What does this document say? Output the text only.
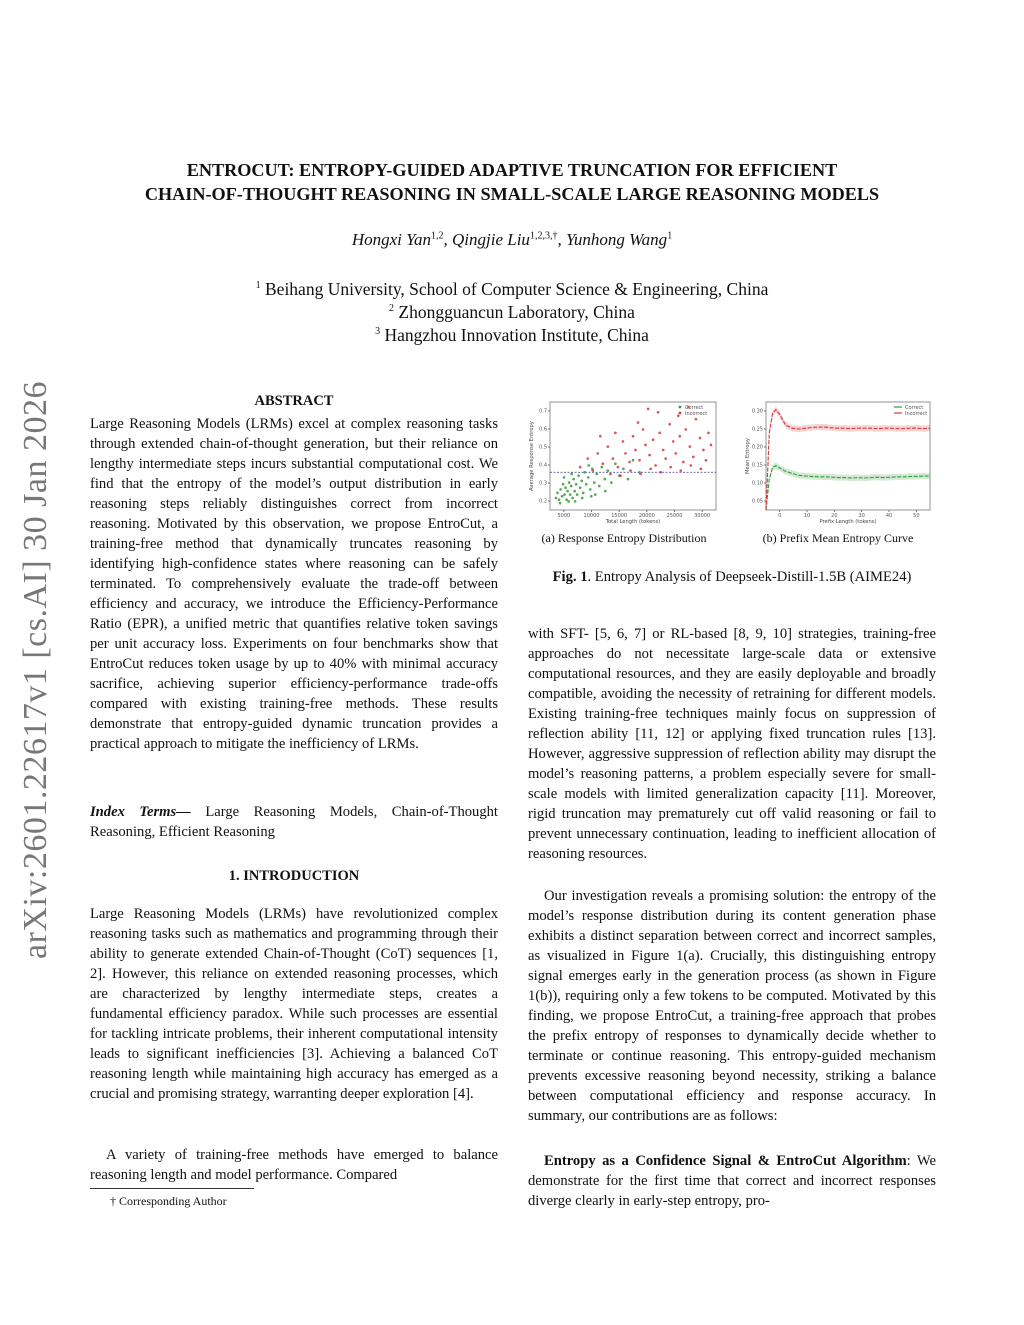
arXiv:2601.22617v1 [cs.AI] 30 Jan 2026
ENTROCUT: ENTROPY-GUIDED ADAPTIVE TRUNCATION FOR EFFICIENT
CHAIN-OF-THOUGHT REASONING IN SMALL-SCALE LARGE REASONING MODELS
Hongxi Yan$^{1,2}$, Qingjie Liu$^{1,2,3,\dagger}$, Yunhong Wang$^1$
$^1$ Beihang University, School of Computer Science & Engineering, China
$^2$ Zhongguancun Laboratory, China
$^3$ Hangzhou Innovation Institute, China
ABSTRACT

Large Reasoning Models (LRMs) excel at complex reasoning tasks through extended chain-of-thought generation, but their reliance on lengthy intermediate steps incurs substantial computational cost. We find that the entropy of the model’s output distribution in early reasoning steps reliably distinguishes correct from incorrect reasoning. Motivated by this observation, we propose EntroCut, a training-free method that dynamically truncates reasoning by identifying high-confidence states where reasoning can be safely terminated. To comprehensively evaluate the trade-off between efficiency and accuracy, we introduce the Efficiency-Performance Ratio (EPR), a unified metric that quantifies relative token savings per unit accuracy loss. Experiments on four benchmarks show that EntroCut reduces token usage by up to 40% with minimal accuracy sacrifice, achieving superior efficiency-performance trade-offs compared with existing training-free methods. These results demonstrate that entropy-guided dynamic truncation provides a practical approach to mitigate the inefficiency of LRMs.

Index Terms— Large Reasoning Models, Chain-of-Thought Reasoning, Efficient Reasoning

1. INTRODUCTION

Large Reasoning Models (LRMs) have revolutionized complex reasoning tasks such as mathematics and programming through their ability to generate extended Chain-of-Thought (CoT) sequences [1, 2]. However, this reliance on extended reasoning processes, which are characterized by lengthy intermediate steps, creates a fundamental efficiency paradox. While such processes are essential for tackling intricate problems, their inherent computational intensity leads to significant inefficiencies [3]. Achieving a balanced CoT reasoning length while maintaining high accuracy has emerged as a crucial and promising strategy, warranting deeper exploration [4].

A variety of training-free methods have emerged to balance reasoning length and model performance. Compared

† Corresponding Author
5000	10000 15000 20000 25000 30000
0.2
0.3
0.4
0.5
0.6
0.7
Total Length (tokens)
Average Response Entropy
Correct
Incorrect
0	10	20	30	40	50
0.05
0.10
0.15
0.20
0.25
0.30
Prefix Length (tokens)
Mean Entropy
Correct
Incorrect
(a) Response Entropy Distribution	(b) Prefix Mean Entropy Curve
Fig. 1. Entropy Analysis of Deepseek-Distill-1.5B (AIME24)

with SFT- [5, 6, 7] or RL-based [8, 9, 10] strategies, training-free approaches do not necessitate large-scale data or extensive computational resources, and they are easily deployable and broadly compatible, avoiding the necessity of retraining for different models. Existing training-free techniques mainly focus on suppression of reflection ability [11, 12] or applying fixed truncation rules [13]. However, aggressive suppression of reflection ability may disrupt the model’s reasoning patterns, a problem especially severe for small-scale models with limited generalization capacity [11]. Moreover, rigid truncation may prematurely cut off valid reasoning or fail to prevent unnecessary continuation, leading to inefficient allocation of reasoning resources.

Our investigation reveals a promising solution: the entropy of the model’s response distribution during its content generation phase exhibits a distinct separation between correct and incorrect samples, as visualized in Figure 1(a). Crucially, this distinguishing entropy signal emerges early in the generation process (as shown in Figure 1(b)), requiring only a few tokens to be computed. Motivated by this finding, we propose EntroCut, a training-free approach that probes the prefix entropy of responses to dynamically decide whether to terminate or continue reasoning. This entropy-guided mechanism prevents excessive reasoning beyond necessity, striking a balance between computational efficiency and response accuracy. In summary, our contributions are as follows:

Entropy as a Confidence Signal & EntroCut Algorithm: We demonstrate for the first time that correct and incorrect responses diverge clearly in early-step entropy, pro-
